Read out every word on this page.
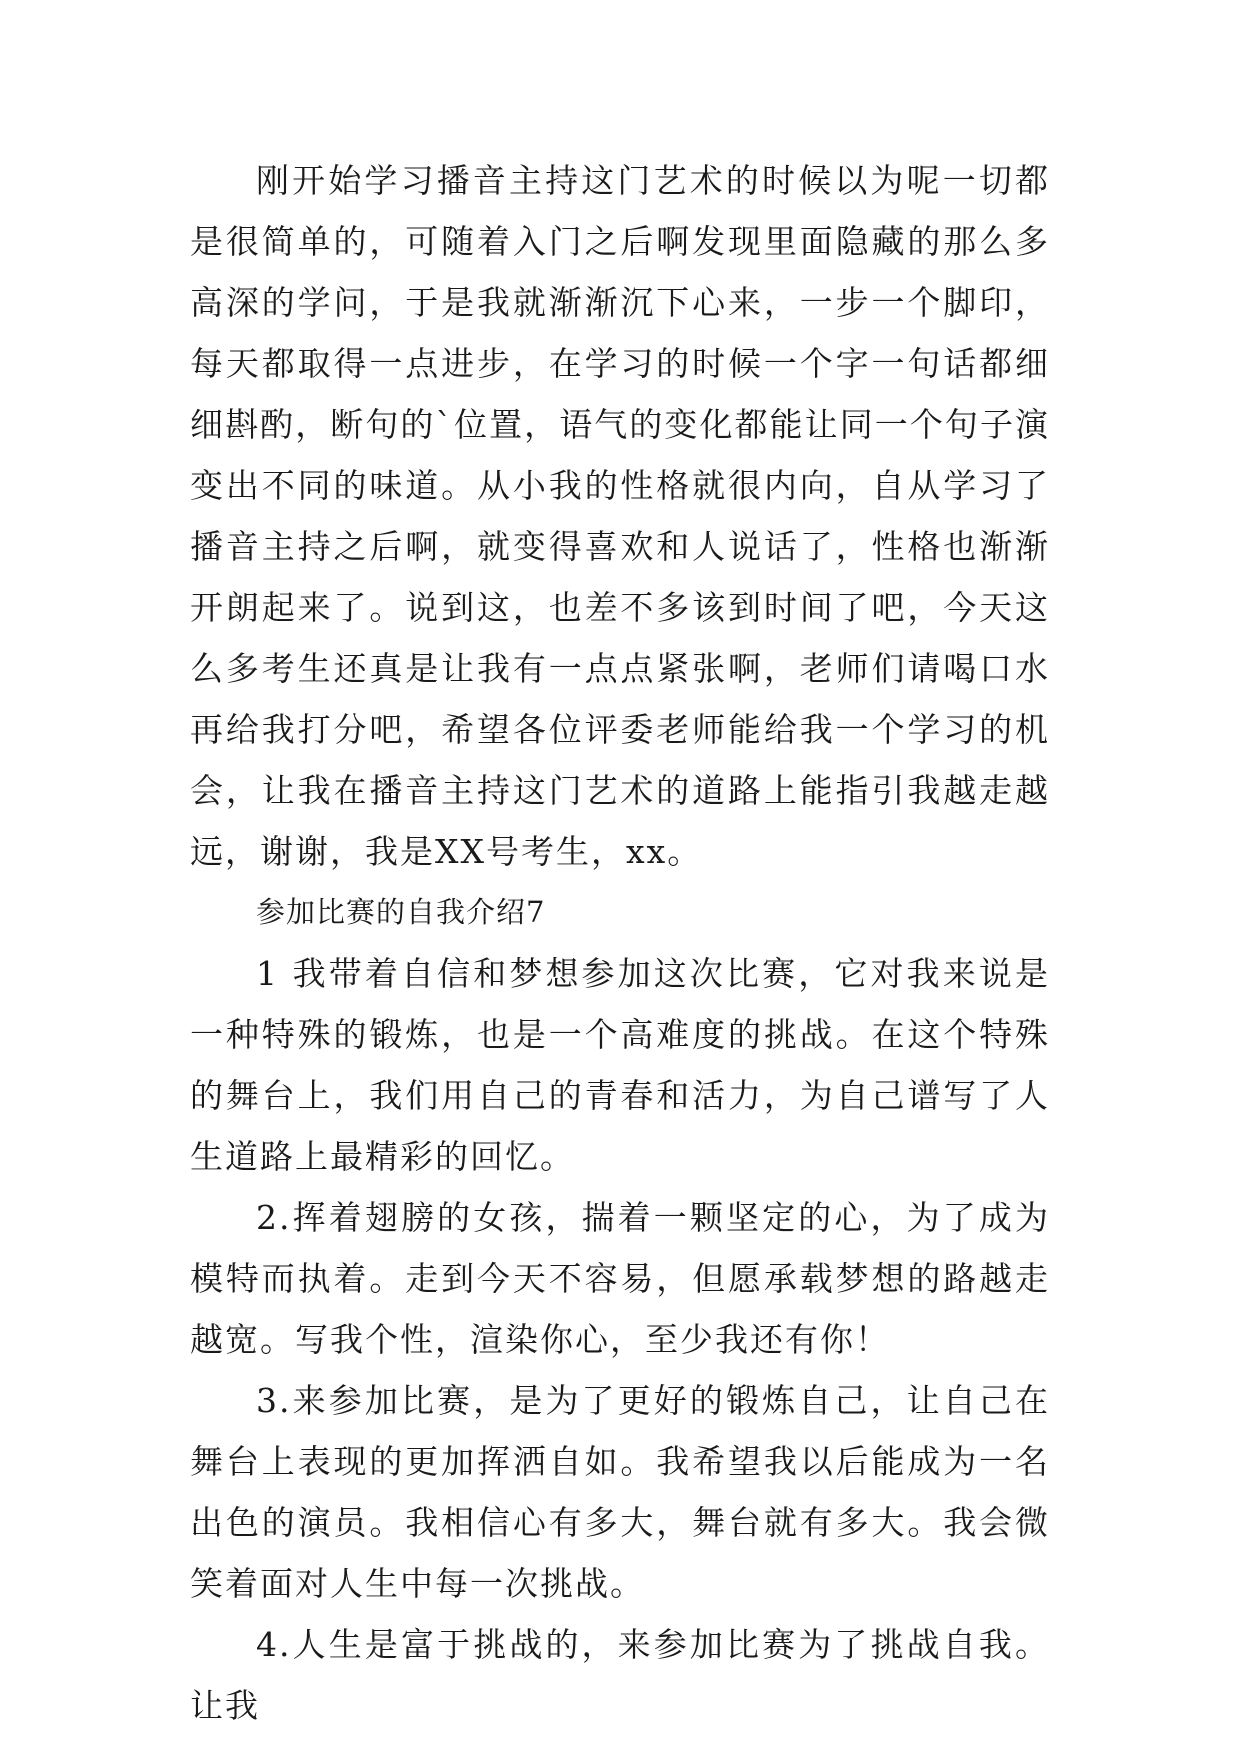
刚开始学习播音主持这门艺术的时候以为呢一切都是很简单的，可随着入门之后啊发现里面隐藏的那么多高深的学问，于是我就渐渐沉下心来，一步一个脚印，每天都取得一点进步，在学习的时候一个字一句话都细细斟酌，断句的`位置，语气的变化都能让同一个句子演变出不同的味道。从小我的性格就很内向，自从学习了播音主持之后啊，就变得喜欢和人说话了，性格也渐渐开朗起来了。说到这，也差不多该到时间了吧，今天这么多考生还真是让我有一点点紧张啊，老师们请喝口水再给我打分吧，希望各位评委老师能给我一个学习的机会，让我在播音主持这门艺术的道路上能指引我越走越远，谢谢，我是XX号考生，xx。

参加比赛的自我介绍7

1 我带着自信和梦想参加这次比赛，它对我来说是一种特殊的锻炼，也是一个高难度的挑战。在这个特殊的舞台上，我们用自己的青春和活力，为自己谱写了人生道路上最精彩的回忆。

2.挥着翅膀的女孩，揣着一颗坚定的心，为了成为模特而执着。走到今天不容易，但愿承载梦想的路越走越宽。写我个性，渲染你心，至少我还有你！

3.来参加比赛，是为了更好的锻炼自己，让自己在舞台上表现的更加挥洒自如。我希望我以后能成为一名出色的演员。我相信心有多大，舞台就有多大。我会微笑着面对人生中每一次挑战。

4.人生是富于挑战的，来参加比赛为了挑战自我。让我
